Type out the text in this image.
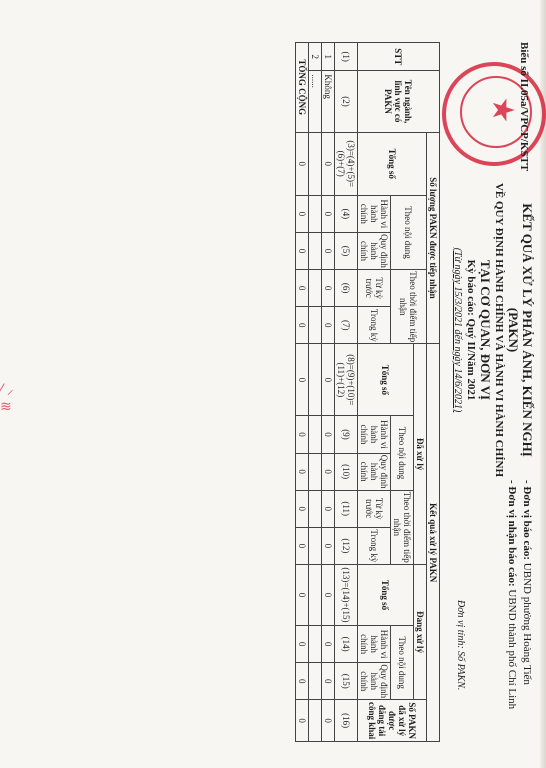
⁄ ⸝ ≋
★
Biểu số II.05a/VPCP/KSTT
KẾT QUẢ XỬ LÝ PHẢN ÁNH, KIẾN NGHỊ (PAKN)
VỀ QUY ĐỊNH HÀNH CHÍNH VÀ HÀNH VI HÀNH CHÍNH
TẠI CƠ QUAN, ĐƠN VỊ
Kỳ báo cáo: Quý II/Năm 2021
(Từ ngày 15/3/2021 đến ngày 14/6/2021)
- Đơn vị báo cáo: UBND phường Hoàng Tiến
- Đơn vị nhận báo cáo: UBND thành phố Chí Linh
Đơn vị tính: Số PAKN.
STT	Tên ngành, lĩnh vực có PAKN	Số lượng PAKN được tiếp nhận					Kết quả xử lý PAKN								
		Tổng số	Theo nội dung		Theo thời điểm tiếp nhận		Đã xử lý					Đang xử lý			Số PAKN đã xử lý được đăng tải công khai
							Tổng số	Theo nội dung		Theo thời điểm tiếp nhận		Tổng số	Theo nội dung		
			Hành vi hành chính	Quy định hành chính	Từ kỳ trước	Trong kỳ		Hành vi hành chính	Quy định hành chính	Từ kỳ trước	Trong kỳ		Hành vi hành chính	Quy định hành chính	
(1)	(2)	(3)=(4)+(5)=(6)+(7)	(4)	(5)	(6)	(7)	(8)=(9)+(10)=(11)+(12)	(9)	(10)	(11)	(12)	(13)=(14)+(15)	(14)	(15)	(16)
1	Không	0	0	0	0	0	0	0	0	0	0	0	0	0	0
2	......														
TỔNG CỘNG		0	0	0	0	0	0	0	0	0	0	0	0	0	0
